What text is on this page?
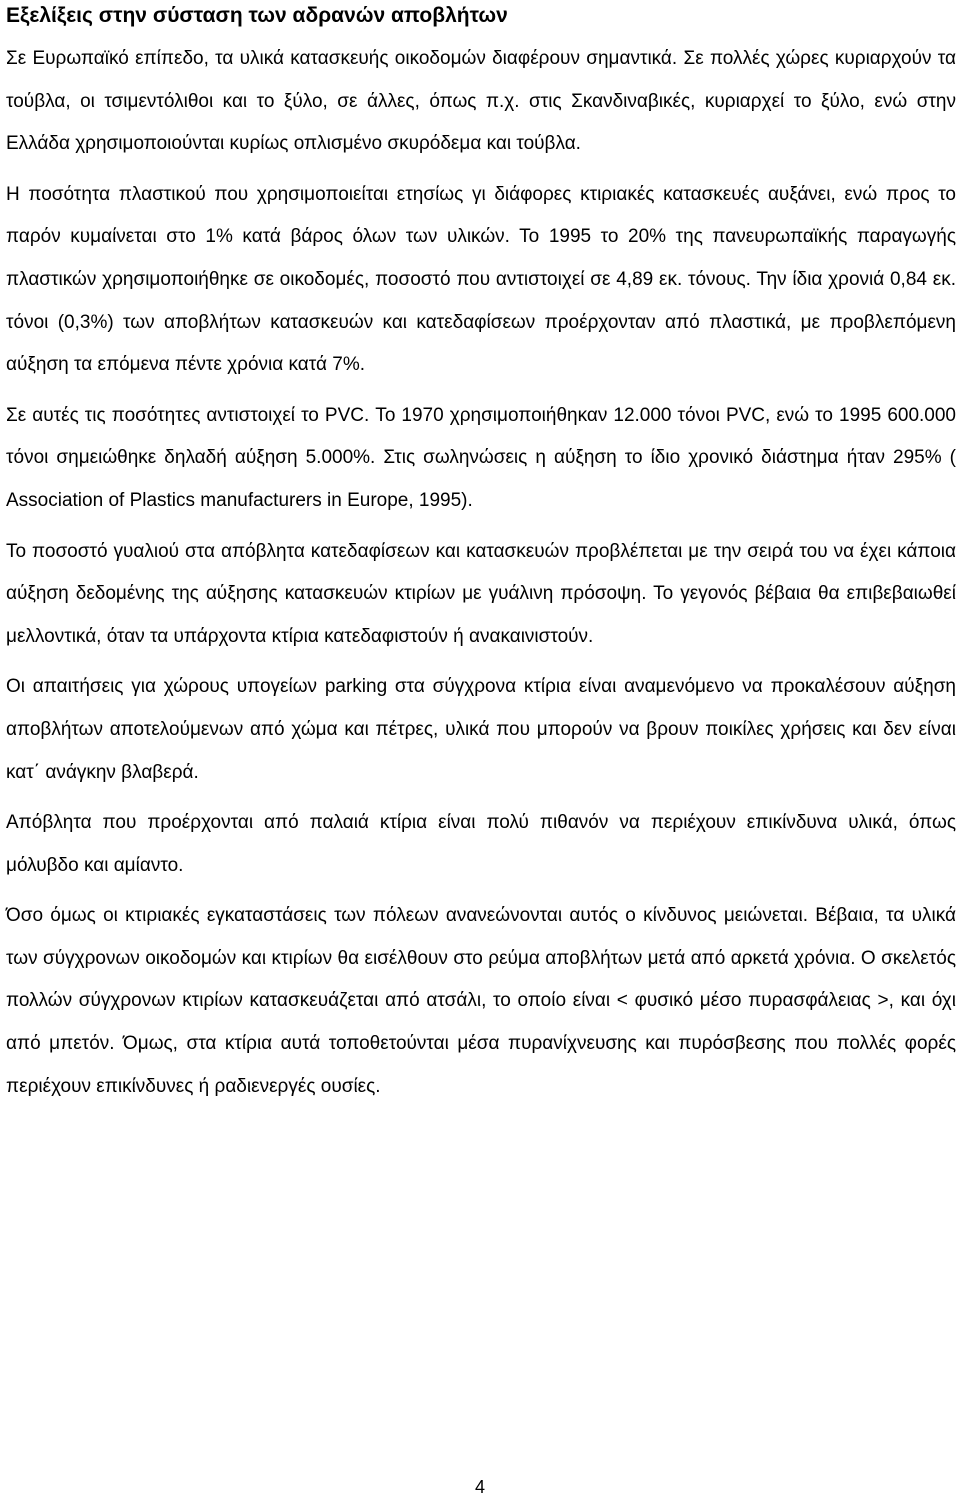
Εξελίξεις στην σύσταση των αδρανών αποβλήτων

Σε Ευρωπαϊκό επίπεδο, τα υλικά κατασκευής οικοδομών διαφέρουν σημαντικά. Σε πολλές χώρες κυριαρχούν τα τούβλα, οι τσιμεντόλιθοι και το ξύλο, σε άλλες, όπως π.χ. στις Σκανδιναβικές, κυριαρχεί το ξύλο, ενώ στην Ελλάδα χρησιμοποιούνται κυρίως οπλισμένο σκυρόδεμα και τούβλα.

Η ποσότητα πλαστικού που χρησιμοποιείται ετησίως γι διάφορες κτιριακές κατασκευές αυξάνει, ενώ προς το παρόν κυμαίνεται στο 1% κατά βάρος όλων των υλικών. Το 1995 το 20% της πανευρωπαϊκής παραγωγής πλαστικών χρησιμοποιήθηκε σε οικοδομές, ποσοστό που αντιστοιχεί σε 4,89 εκ. τόνους. Την ίδια χρονιά 0,84 εκ. τόνοι (0,3%) των αποβλήτων κατασκευών και κατεδαφίσεων προέρχονταν από πλαστικά, με προβλεπόμενη αύξηση τα επόμενα πέντε χρόνια κατά 7%.

Σε αυτές τις ποσότητες αντιστοιχεί το PVC. Το 1970 χρησιμοποιήθηκαν 12.000 τόνοι PVC, ενώ το 1995 600.000 τόνοι σημειώθηκε δηλαδή αύξηση 5.000%. Στις σωληνώσεις η αύξηση το ίδιο χρονικό διάστημα ήταν 295% ( Association of Plastics manufacturers in Europe, 1995).

Το ποσοστό γυαλιού στα απόβλητα κατεδαφίσεων και κατασκευών προβλέπεται με την σειρά του να έχει κάποια αύξηση δεδομένης της αύξησης κατασκευών κτιρίων με γυάλινη πρόσοψη. Το γεγονός βέβαια θα επιβεβαιωθεί μελλοντικά, όταν τα υπάρχοντα κτίρια κατεδαφιστούν ή ανακαινιστούν.

Οι απαιτήσεις για χώρους υπογείων parking στα σύγχρονα κτίρια είναι αναμενόμενο να προκαλέσουν αύξηση αποβλήτων αποτελούμενων από χώμα και πέτρες, υλικά που μπορούν να βρουν ποικίλες χρήσεις και δεν είναι κατ΄ ανάγκην βλαβερά.

Απόβλητα που προέρχονται από παλαιά κτίρια είναι πολύ πιθανόν να περιέχουν επικίνδυνα υλικά, όπως μόλυβδο και αμίαντο.

Όσο όμως οι κτιριακές εγκαταστάσεις των πόλεων ανανεώνονται αυτός ο κίνδυνος μειώνεται. Βέβαια, τα υλικά των σύγχρονων οικοδομών και κτιρίων θα εισέλθουν στο ρεύμα αποβλήτων μετά από αρκετά χρόνια. Ο σκελετός πολλών σύγχρονων κτιρίων κατασκευάζεται από ατσάλι, το οποίο είναι < φυσικό μέσο πυρασφάλειας >, και όχι από μπετόν. Όμως, στα κτίρια αυτά τοποθετούνται μέσα πυρανίχνευσης και πυρόσβεσης που πολλές φορές περιέχουν επικίνδυνες ή ραδιενεργές ουσίες.

4
